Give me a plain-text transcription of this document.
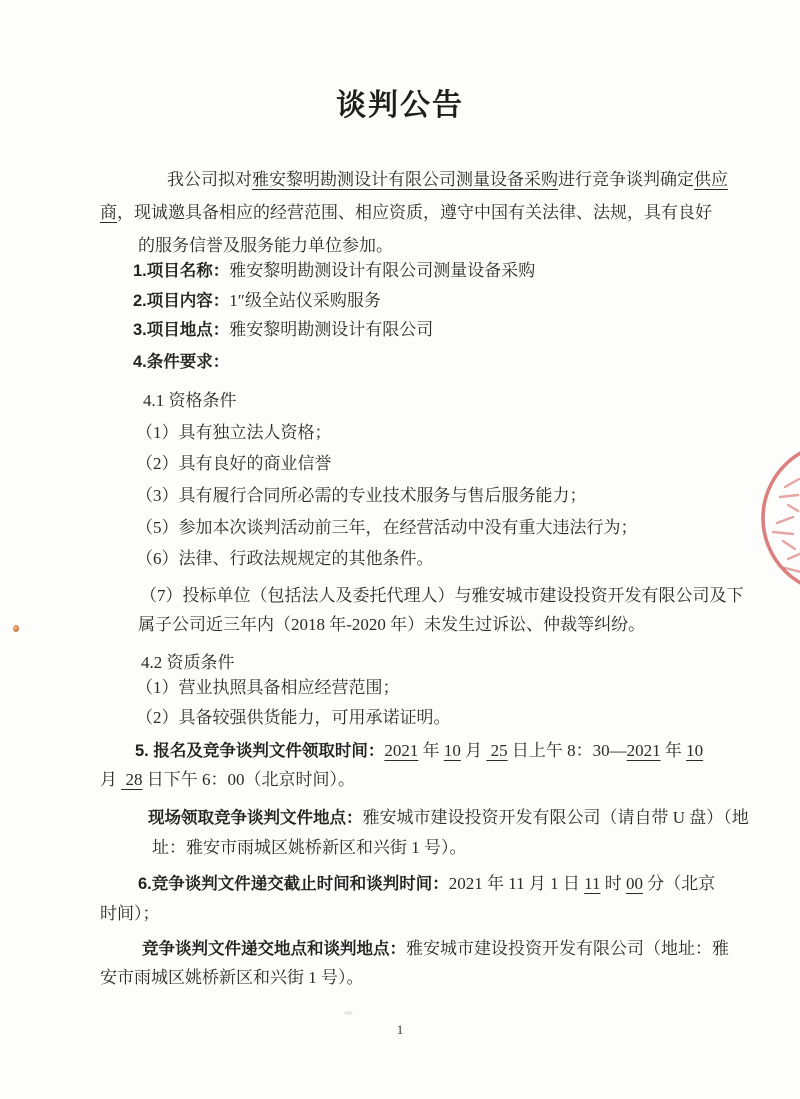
谈判公告
我公司拟对雅安黎明勘测设计有限公司测量设备采购进行竞争谈判确定供应
商，现诚邀具备相应的经营范围、相应资质，遵守中国有关法律、法规，具有良好
的服务信誉及服务能力单位参加。
1.项目名称：雅安黎明勘测设计有限公司测量设备采购
2.项目内容：1″级全站仪采购服务
3.项目地点：雅安黎明勘测设计有限公司
4.条件要求：
4.1 资格条件
（1）具有独立法人资格；
（2）具有良好的商业信誉
（3）具有履行合同所必需的专业技术服务与售后服务能力；
（5）参加本次谈判活动前三年，在经营活动中没有重大违法行为；
（6）法律、行政法规规定的其他条件。
（7）投标单位（包括法人及委托代理人）与雅安城市建设投资开发有限公司及下
属子公司近三年内（2018 年-2020 年）未发生过诉讼、仲裁等纠纷。
4.2 资质条件
（1）营业执照具备相应经营范围；
（2）具备较强供货能力，可用承诺证明。
5. 报名及竞争谈判文件领取时间：2021 年 10 月  25 日上午 8：30—2021 年 10
月  28 日下午 6：00（北京时间）。
现场领取竞争谈判文件地点：雅安城市建设投资开发有限公司（请自带 U 盘）（地
址：雅安市雨城区姚桥新区和兴街 1 号）。
6.竞争谈判文件递交截止时间和谈判时间：2021 年 11 月 1 日 11 时 00 分（北京
时间）；
竞争谈判文件递交地点和谈判地点：雅安城市建设投资开发有限公司（地址：雅
安市雨城区姚桥新区和兴街 1 号）。
1
